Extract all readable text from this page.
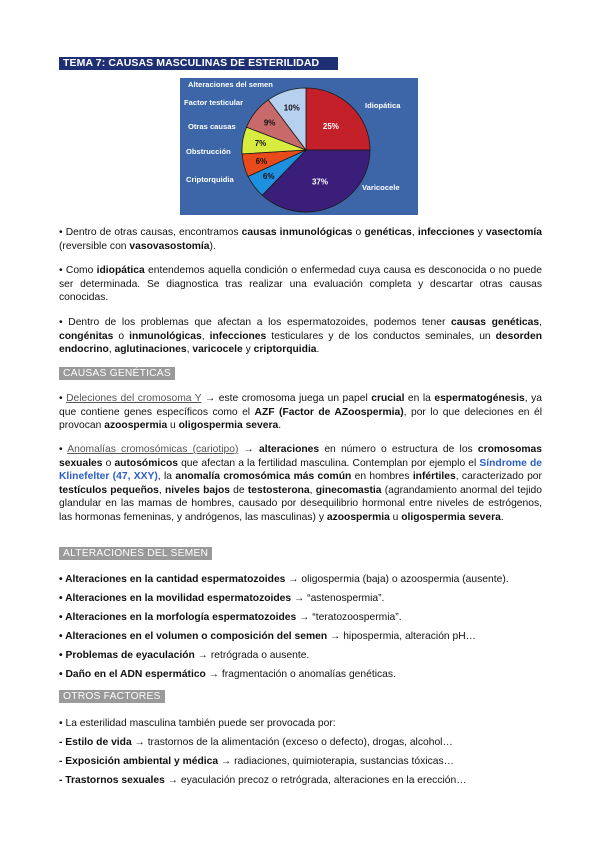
TEMA 7: CAUSAS MASCULINAS DE ESTERILIDAD
25%
Idiopática
37%
Varicocele
6%
Criptorquidia
6%
Obstrucción
7%
Otras causas	9%
Factor testicular
10%
Alteraciones del semen

• Dentro de otras causas, encontramos causas inmunológicas o genéticas, infecciones y vasectomía (reversible con vasovasostomía).

• Como idiopática entendemos aquella condición o enfermedad cuya causa es desconocida o no puede ser determinada. Se diagnostica tras realizar una evaluación completa y descartar otras causas conocidas.

• Dentro de los problemas que afectan a los espermatozoides, podemos tener causas genéticas, congénitas o inmunológicas, infecciones testiculares y de los conductos seminales, un desorden endocrino, aglutinaciones, varicocele y criptorquidia.

CAUSAS GENÉTICAS

• Deleciones del cromosoma Y → este cromosoma juega un papel crucial en la espermatogénesis, ya que contiene genes específicos como el AZF (Factor de AZoospermia), por lo que deleciones en él provocan azoospermia u oligospermia severa.

• Anomalías cromosómicas (cariotipo) → alteraciones en número o estructura de los cromosomas sexuales o autosómicos que afectan a la fertilidad masculina. Contemplan por ejemplo el Síndrome de Klinefelter (47, XXY), la anomalía cromosómica más común en hombres infértiles, caracterizado por testículos pequeños, niveles bajos de testosterona, ginecomastia (agrandamiento anormal del tejido glandular en las mamas de hombres, causado por desequilibrio hormonal entre niveles de estrógenos, las hormonas femeninas, y andrógenos, las masculinas) y azoospermia u oligospermia severa.

ALTERACIONES DEL SEMEN
• Alteraciones en la cantidad espermatozoides → oligospermia (baja) o azoospermia (ausente).
• Alteraciones en la movilidad espermatozoides → “astenospermia”.
• Alteraciones en la morfología espermatozoides → “teratozoospermia”.
• Alteraciones en el volumen o composición del semen → hipospermia, alteración pH…
• Problemas de eyaculación → retrógrada o ausente.
• Daño en el ADN espermático → fragmentación o anomalías genéticas.
OTROS FACTORES
• La esterilidad masculina también puede ser provocada por:
- Estilo de vida → trastornos de la alimentación (exceso o defecto), drogas, alcohol…
- Exposición ambiental y médica → radiaciones, quimioterapia, sustancias tóxicas…
- Trastornos sexuales → eyaculación precoz o retrógrada, alteraciones en la erección…
